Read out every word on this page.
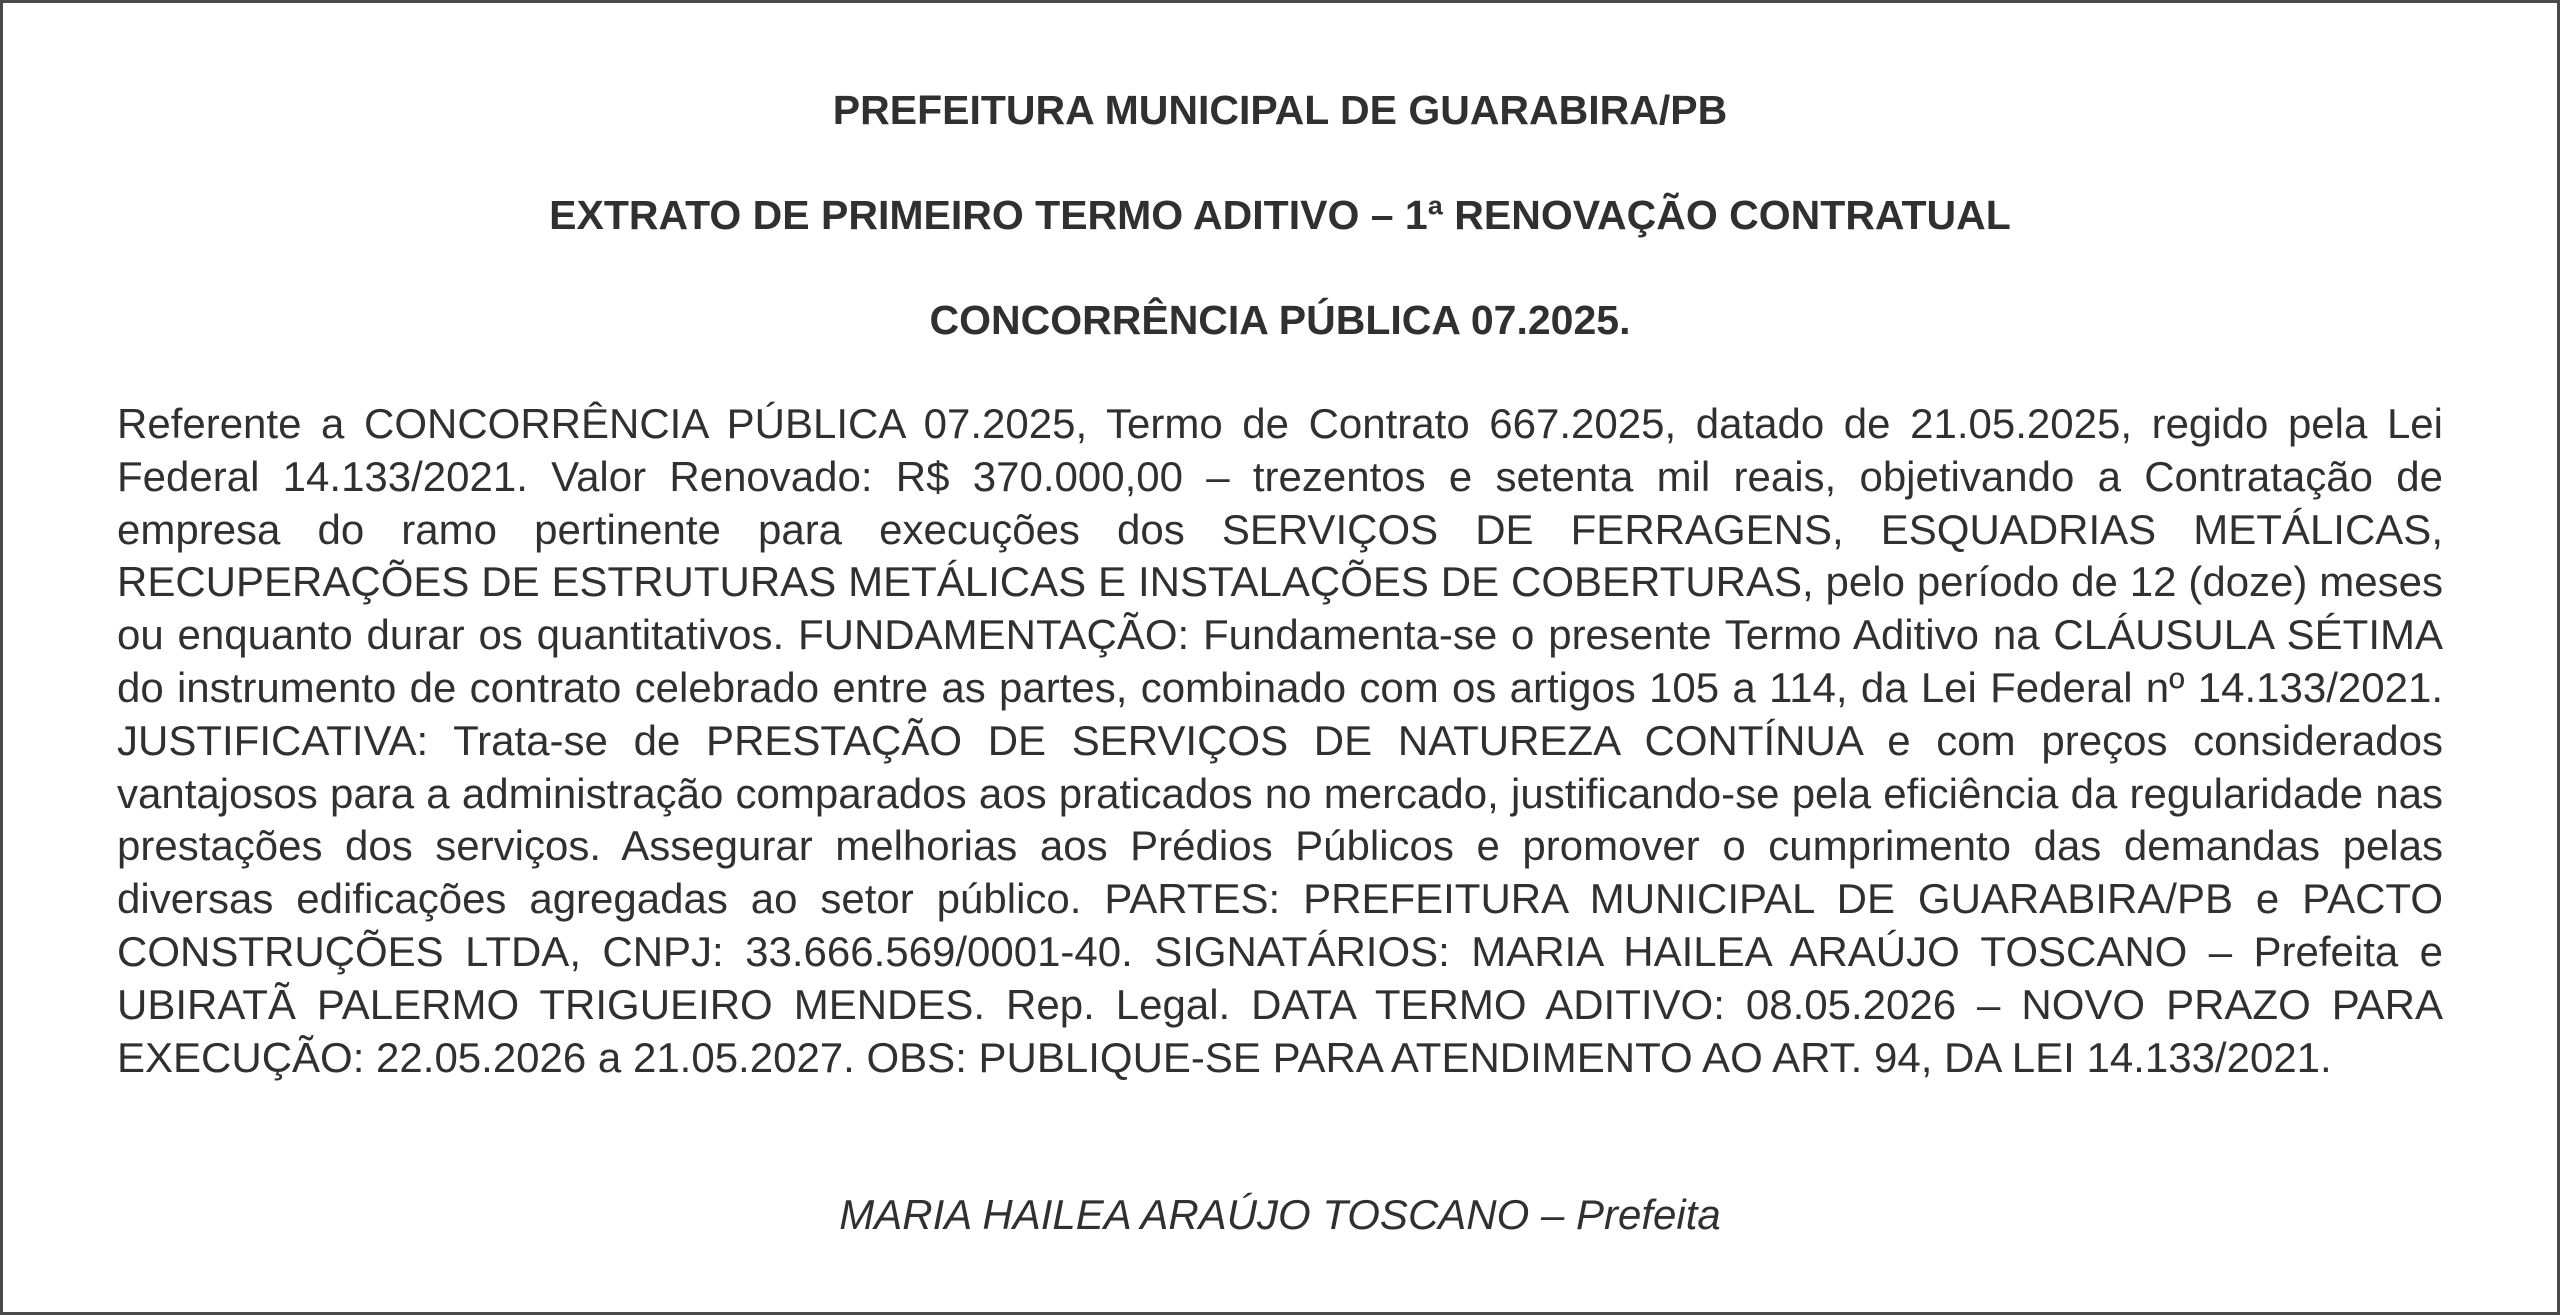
PREFEITURA MUNICIPAL DE GUARABIRA/PB
EXTRATO DE PRIMEIRO TERMO ADITIVO – 1ª RENOVAÇÃO CONTRATUAL
CONCORRÊNCIA PÚBLICA 07.2025.

Referente a CONCORRÊNCIA PÚBLICA 07.2025, Termo de Contrato 667.2025, datado de 21.05.2025, regido pela Lei Federal 14.133/2021. Valor Renovado: R$ 370.000,00 – trezentos e setenta mil reais, objetivando a Contratação de empresa do ramo pertinente para execuções dos SERVIÇOS DE FERRAGENS, ESQUADRIAS METÁLICAS, RECUPERAÇÕES DE ESTRUTURAS METÁLICAS E INSTALAÇÕES DE COBERTURAS, pelo período de 12 (doze) meses ou enquanto durar os quantitativos. FUNDAMENTAÇÃO: Fundamenta-se o presente Termo Aditivo na CLÁUSULA SÉTIMA do instrumento de contrato celebrado entre as partes, combinado com os artigos 105 a 114, da Lei Federal nº 14.133/2021. JUSTIFICATIVA: Trata-se de PRESTAÇÃO DE SERVIÇOS DE NATUREZA CONTÍNUA e com preços considerados vantajosos para a administração comparados aos praticados no mercado, justificando-se pela eficiência da regularidade nas prestações dos serviços. Assegurar melhorias aos Prédios Públicos e promover o cumprimento das demandas pelas diversas edificações agregadas ao setor público. PARTES: PREFEITURA MUNICIPAL DE GUARABIRA/PB e PACTO CONSTRUÇÕES LTDA, CNPJ: 33.666.569/0001-40. SIGNATÁRIOS: MARIA HAILEA ARAÚJO TOSCANO – Prefeita e UBIRATÃ PALERMO TRIGUEIRO MENDES. Rep. Legal. DATA TERMO ADITIVO: 08.05.2026 – NOVO PRAZO PARA EXECUÇÃO: 22.05.2026 a 21.05.2027. OBS: PUBLIQUE-SE PARA ATENDIMENTO AO ART. 94, DA LEI 14.133/2021.

MARIA HAILEA ARAÚJO TOSCANO – Prefeita
